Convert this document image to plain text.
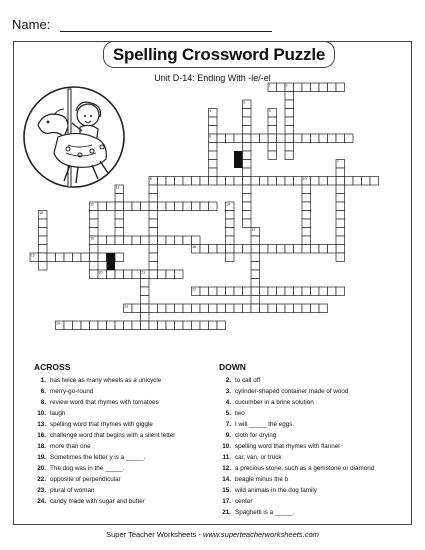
Name:
Spelling Crossword Puzzle
Unit D-14: Ending With -le/-el
1	2
3
4	5
6
7
8	10
11
12	14
15
16
17
18
19
20	21
22
23
24
ACROSS
1. has twice as many wheels as a unicycle
6. merry-go-round
8. review word that rhymes with tomatoes
10. laugh
13. spelling word that rhymes with giggle
16. challenge word that begins with a silent letter
18. more than one
19. Sometimes the letter y is a _____.
20. The dog was in the _____.
22. opposite of perpendicular
23. plural of woman
24. candy made with sugar and butter
DOWN
2. to call off
3. cylinder-shaped container made of wood
4. cucumber in a brine solution
5. two
7. I will _____ the eggs.
9. cloth for drying
10. spelling word that rhymes with flannel
11. car, van, or truck
12. a precious stone, such as a gemstone or diamond
14. beagle minus the b
15. wild animals in the dog family
17. center
21. Spaghetti is a _____.
Super Teacher Worksheets - www.superteacherworksheets.com
